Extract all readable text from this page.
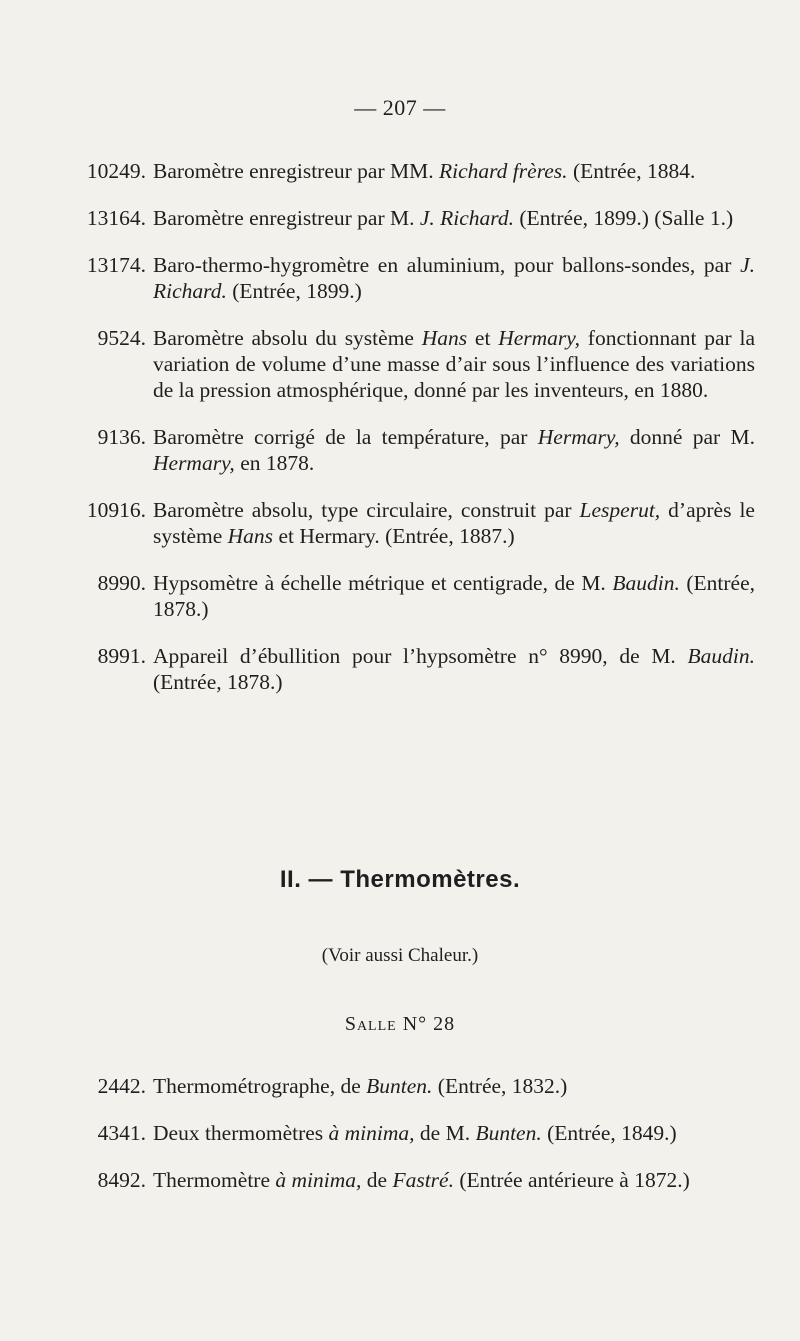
— 207 —
10249. Baromètre enregistreur par MM. Richard frères. (Entrée, 1884.
13164. Baromètre enregistreur par M. J. Richard. (Entrée, 1899.) (Salle 1.)
13174. Baro-thermo-hygromètre en aluminium, pour ballons-sondes, par J. Richard. (Entrée, 1899.)
9524. Baromètre absolu du système Hans et Hermary, fonctionnant par la variation de volume d’une masse d’air sous l’influence des variations de la pression atmosphérique, donné par les inventeurs, en 1880.
9136. Baromètre corrigé de la température, par Hermary, donné par M. Hermary, en 1878.
10916. Baromètre absolu, type circulaire, construit par Lesperut, d’après le système Hans et Hermary. (Entrée, 1887.)
8990. Hypsomètre à échelle métrique et centigrade, de M. Baudin. (Entrée, 1878.)
8991. Appareil d’ébullition pour l’hypsomètre n° 8990, de M. Baudin. (Entrée, 1878.)
II. — Thermomètres.
(Voir aussi Chaleur.)
Salle N° 28
2442. Thermométrographe, de Bunten. (Entrée, 1832.)
4341. Deux thermomètres à minima, de M. Bunten. (Entrée, 1849.)
8492. Thermomètre à minima, de Fastré. (Entrée antérieure à 1872.)
